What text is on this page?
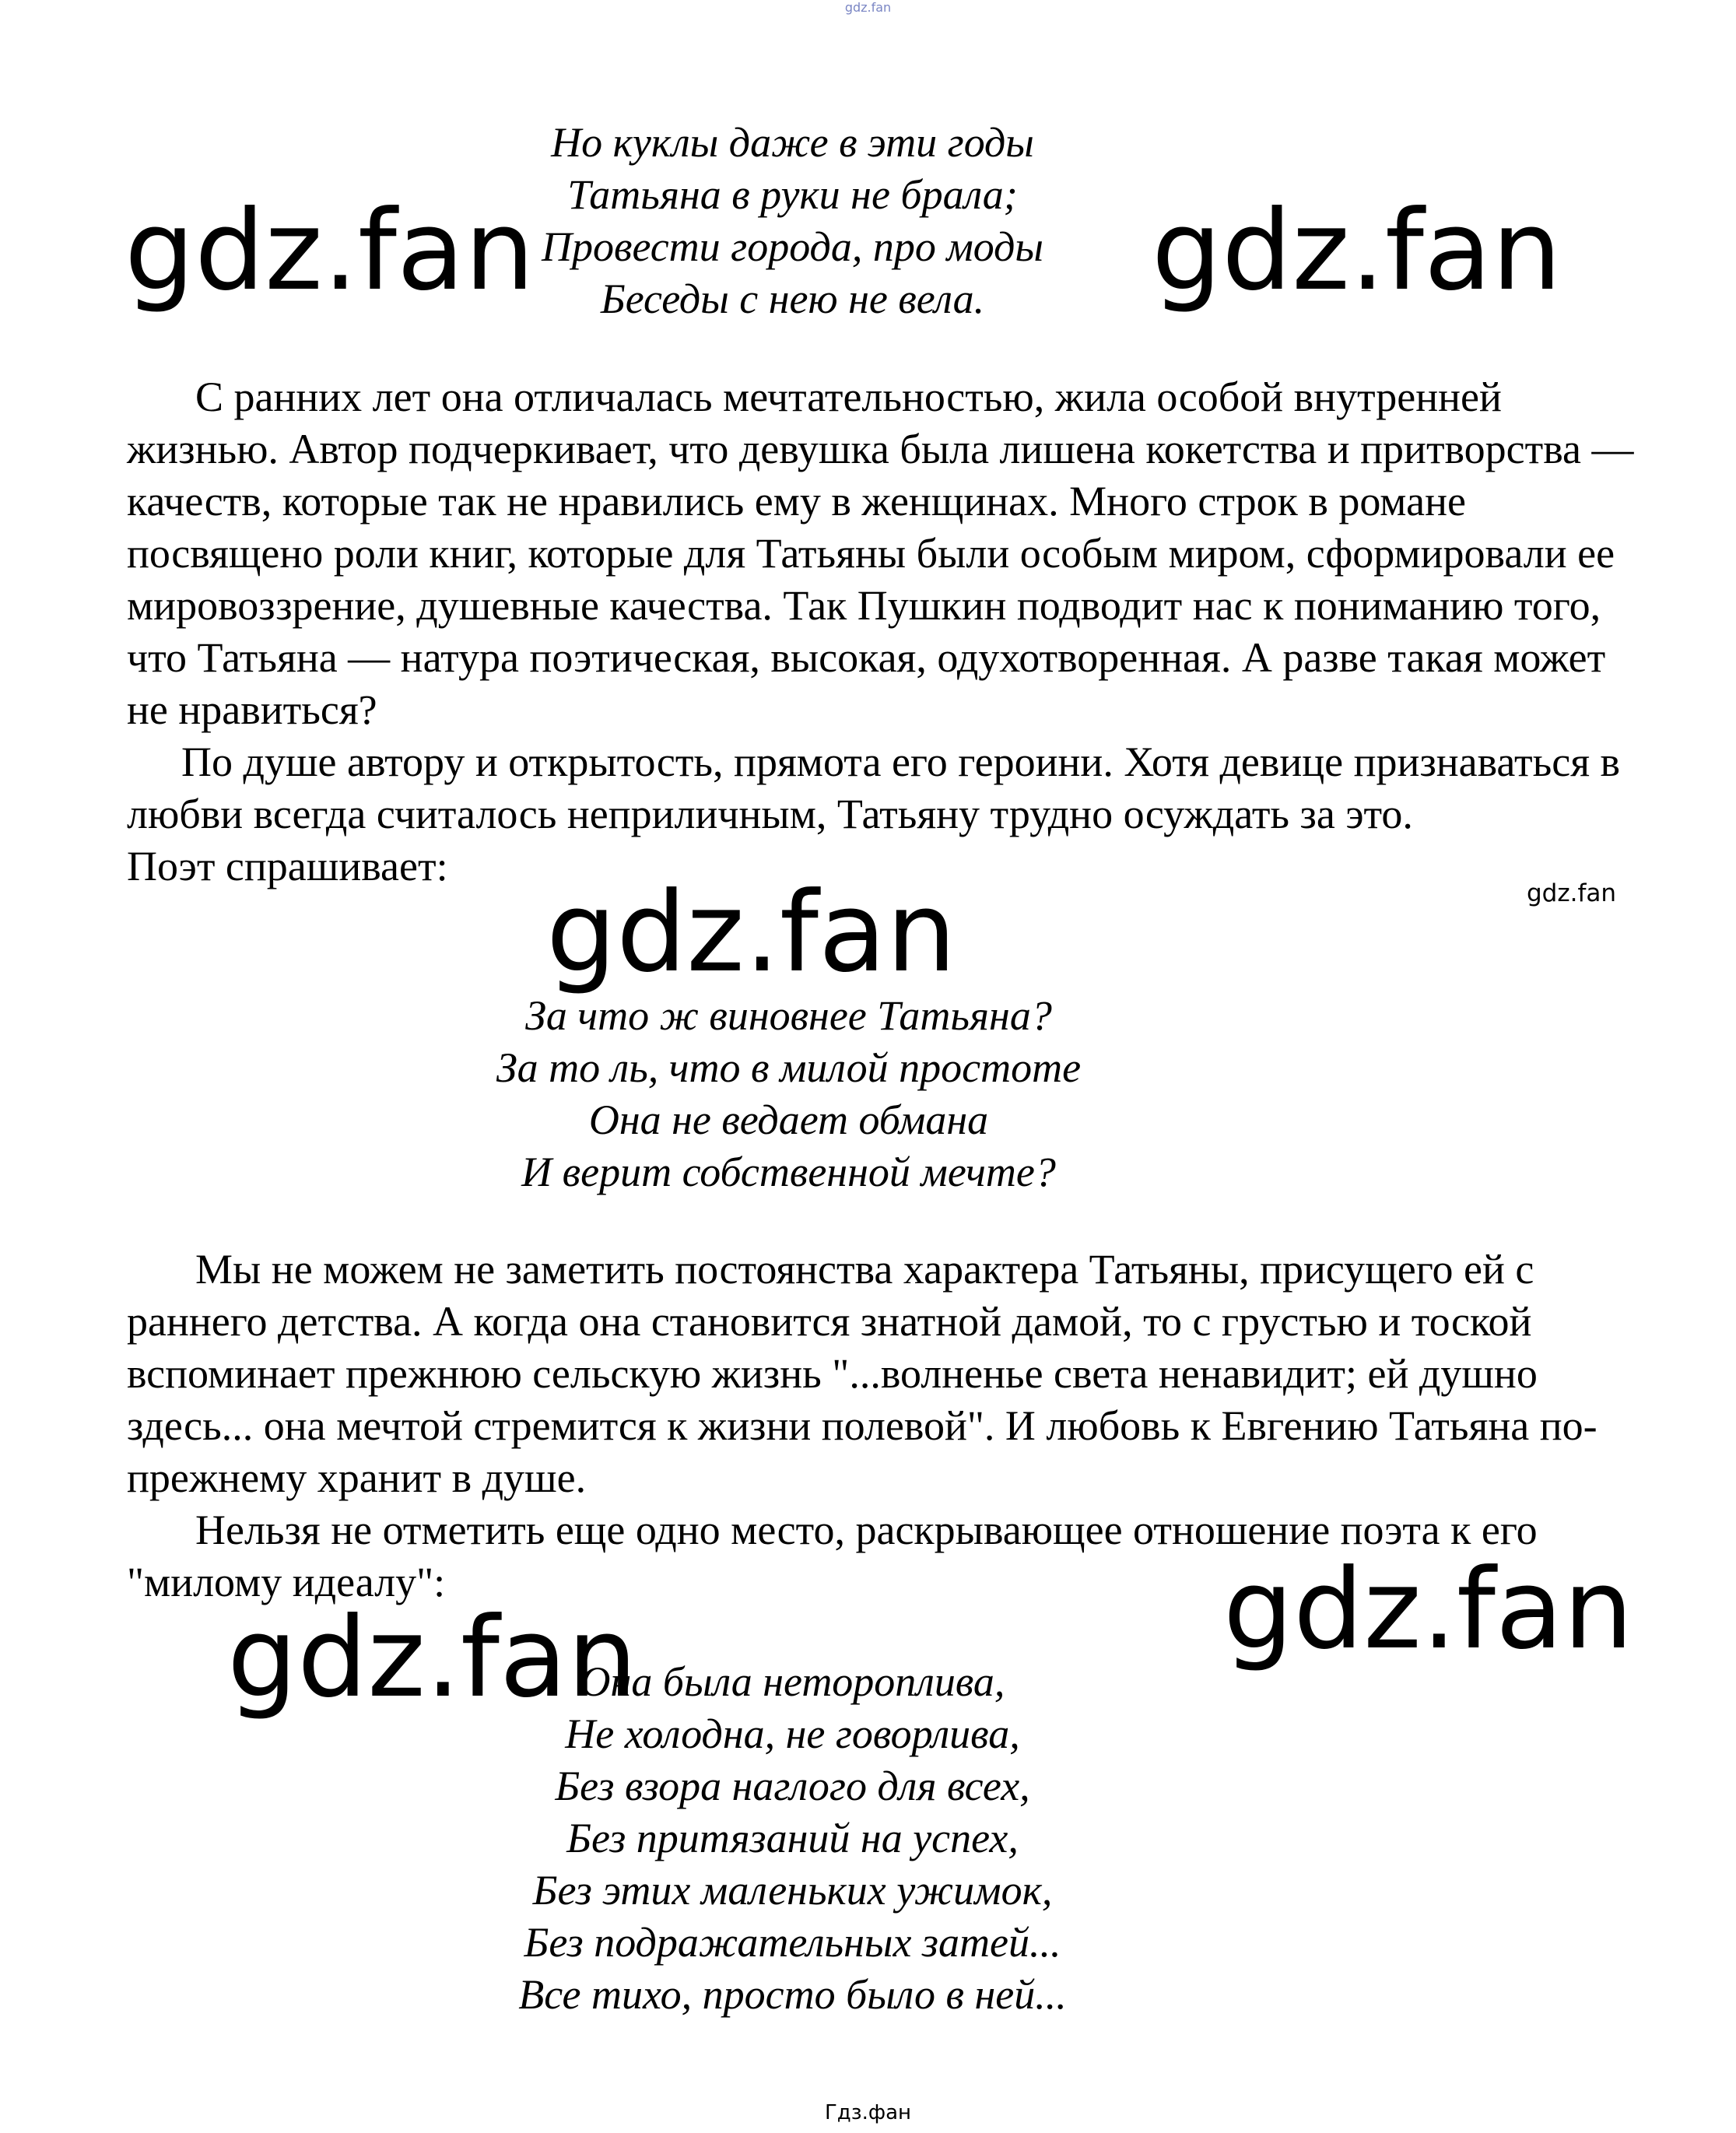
gdz.fan
Но куклы даже в эти годы
Татьяна в руки не брала;
Провести города, про моды
Беседы с нею не вела.

С ранних лет она отличалась мечтательностью, жила особой внутренней жизнью. Автор подчеркивает, что девушка была лишена кокетства и притворства — качеств, которые так не нравились ему в женщинах. Много строк в романе посвящено роли книг, которые для Татьяны были особым миром, сформировали ее мировоззрение, душевные качества. Так Пушкин подводит нас к пониманию того, что Татьяна — натура поэтическая, высокая, одухотворенная. А разве такая может не нравиться?

По душе автору и открытость, прямота его героини. Хотя девице признаваться в любви всегда считалось неприличным, Татьяну трудно осуждать за это.

Поэт спрашивает:

За что ж виновнее Татьяна?
За то ль, что в милой простоте
Она не ведает обмана
И верит собственной мечте?

Мы не можем не заметить постоянства характера Татьяны, присущего ей с раннего детства. А когда она становится знатной дамой, то с грустью и тоской вспоминает прежнюю сельскую жизнь "...волненье света ненавидит; ей душно здесь... она мечтой стремится к жизни полевой". И любовь к Евгению Татьяна по-прежнему хранит в душе.

Нельзя не отметить еще одно место, раскрывающее отношение поэта к его "милому идеалу":

Она была нетороплива,
Не холодна, не говорлива,
Без взора наглого для всех,
Без притязаний на успех,
Без этих маленьких ужимок,
Без подражательных затей...
Все тихо, просто было в ней...
gdz.fan	gdz.fan
gdz.fan	gdz.fan
gdz.fan
gdz.fan
Гдз.фан
